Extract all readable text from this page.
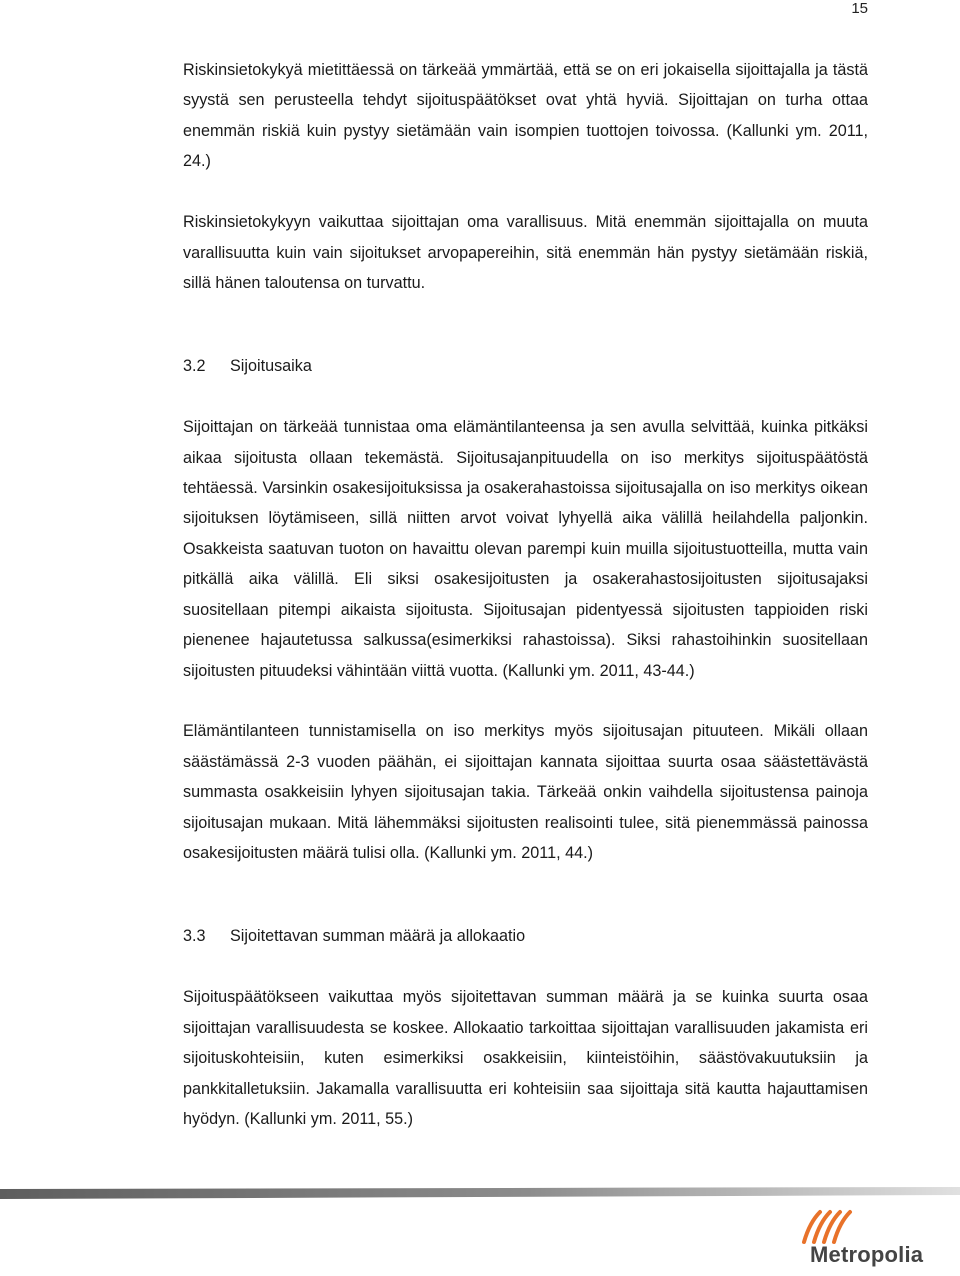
15

Riskinsietokykyä mietittäessä on tärkeää ymmärtää, että se on eri jokaisella sijoittajalla ja tästä syystä sen perusteella tehdyt sijoituspäätökset ovat yhtä hyviä. Sijoittajan on turha ottaa enemmän riskiä kuin pystyy sietämään vain isompien tuottojen toivossa. (Kallunki ym. 2011, 24.)

Riskinsietokykyyn vaikuttaa sijoittajan oma varallisuus. Mitä enemmän sijoittajalla on muuta varallisuutta kuin vain sijoitukset arvopapereihin, sitä enemmän hän pystyy sietämään riskiä, sillä hänen taloutensa on turvattu.

3.2 Sijoitusaika

Sijoittajan on tärkeää tunnistaa oma elämäntilanteensa ja sen avulla selvittää, kuinka pitkäksi aikaa sijoitusta ollaan tekemästä. Sijoitusajanpituudella on iso merkitys sijoituspäätöstä tehtäessä. Varsinkin osakesijoituksissa ja osakerahastoissa sijoitusajalla on iso merkitys oikean sijoituksen löytämiseen, sillä niitten arvot voivat lyhyellä aika välillä heilahdella paljonkin. Osakkeista saatuvan tuoton on havaittu olevan parempi kuin muilla sijoitustuotteilla, mutta vain pitkällä aika välillä. Eli siksi osakesijoitusten ja osakerahastosijoitusten sijoitusajaksi suositellaan pitempi aikaista sijoitusta. Sijoitusajan pidentyessä sijoitusten tappioiden riski pienenee hajautetussa salkussa(esimerkiksi rahastoissa). Siksi rahastoihinkin suositellaan sijoitusten pituudeksi vähintään viittä vuotta. (Kallunki ym. 2011, 43-44.)

Elämäntilanteen tunnistamisella on iso merkitys myös sijoitusajan pituuteen. Mikäli ollaan säästämässä 2-3 vuoden päähän, ei sijoittajan kannata sijoittaa suurta osaa säästettävästä summasta osakkeisiin lyhyen sijoitusajan takia. Tärkeää onkin vaihdella sijoitustensa painoja sijoitusajan mukaan. Mitä lähemmäksi sijoitusten realisointi tulee, sitä pienemmässä painossa osakesijoitusten määrä tulisi olla. (Kallunki ym. 2011, 44.)

3.3 Sijoitettavan summan määrä ja allokaatio

Sijoituspäätökseen vaikuttaa myös sijoitettavan summan määrä ja se kuinka suurta osaa sijoittajan varallisuudesta se koskee. Allokaatio tarkoittaa sijoittajan varallisuuden jakamista eri sijoituskohteisiin, kuten esimerkiksi osakkeisiin, kiinteistöihin, säästövakuutuksiin ja pankkitalletuksiin. Jakamalla varallisuutta eri kohteisiin saa sijoittaja sitä kautta hajauttamisen hyödyn. (Kallunki ym. 2011, 55.)

Metropolia
